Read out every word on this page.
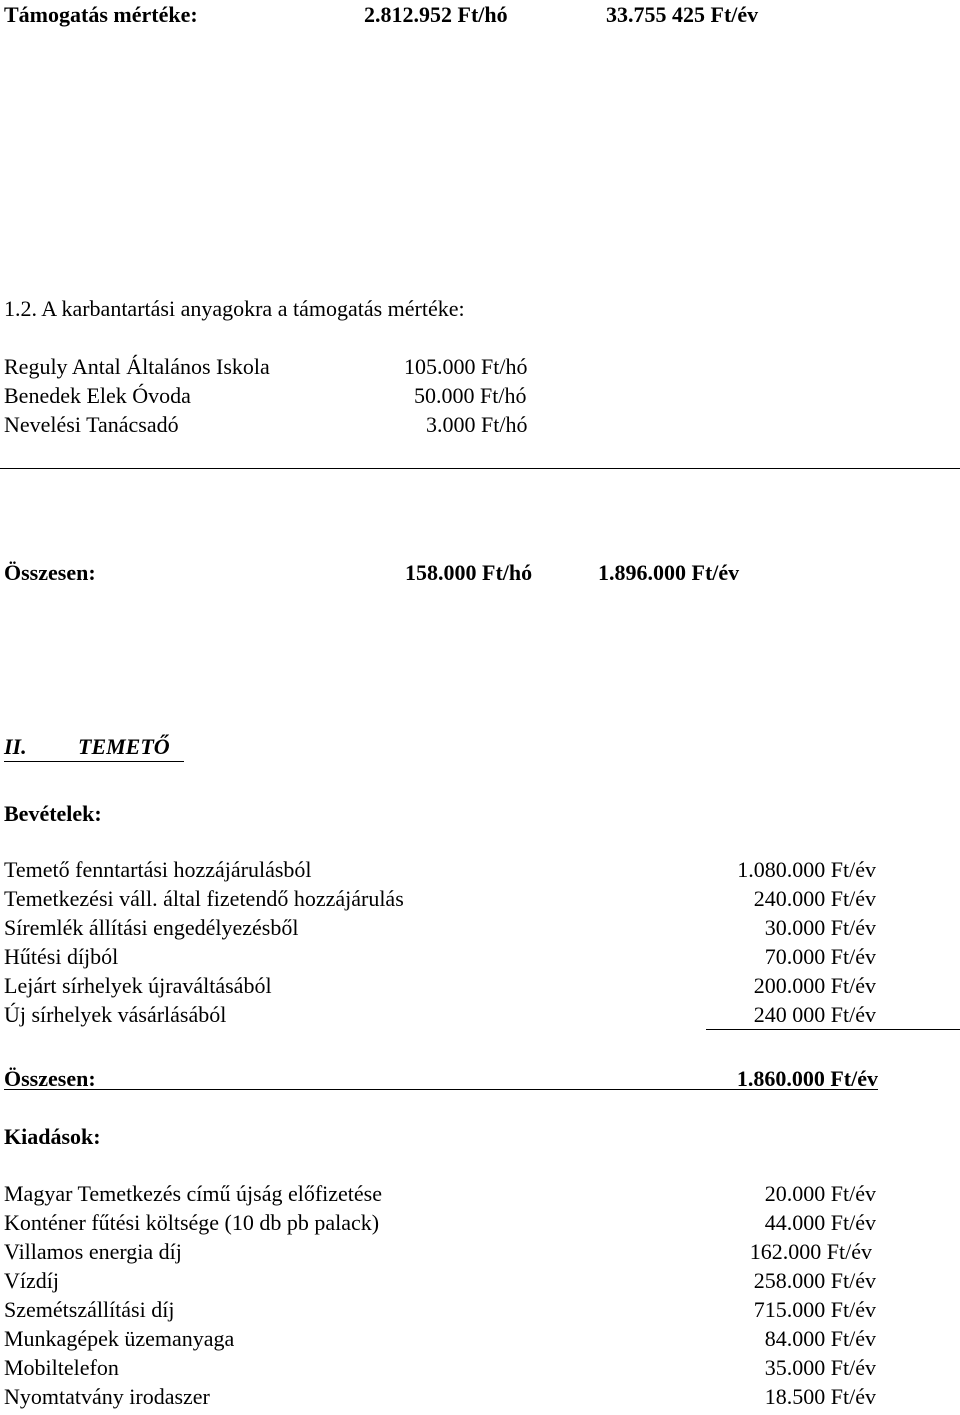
Támogatás mértéke:	2.812.952 Ft/hó	33.755 425 Ft/év
1.2. A karbantartási anyagokra a támogatás mértéke:
Reguly Antal Általános Iskola	105.000 Ft/hó
Benedek Elek Óvoda	50.000 Ft/hó
Nevelési Tanácsadó	3.000 Ft/hó
Összesen:	158.000 Ft/hó	1.896.000 Ft/év
II. TEMETŐ
Bevételek:
Temető fenntartási hozzájárulásból	1.080.000 Ft/év
Temetkezési váll. által fizetendő hozzájárulás	240.000 Ft/év
Síremlék állítási engedélyezésből	30.000 Ft/év
Hűtési díjból	70.000 Ft/év
Lejárt sírhelyek újraváltásából	200.000 Ft/év
Új sírhelyek vásárlásából	240 000 Ft/év
Összesen:	1.860.000 Ft/év
Kiadások:
Magyar Temetkezés című újság előfizetése	20.000 Ft/év
Konténer fűtési költsége (10 db pb palack)	44.000 Ft/év
Villamos energia díj	162.000 Ft/év
Vízdíj	258.000 Ft/év
Szemétszállítási díj	715.000 Ft/év
Munkagépek üzemanyaga	84.000 Ft/év
Mobiltelefon	35.000 Ft/év
Nyomtatvány irodaszer	18.500 Ft/év
